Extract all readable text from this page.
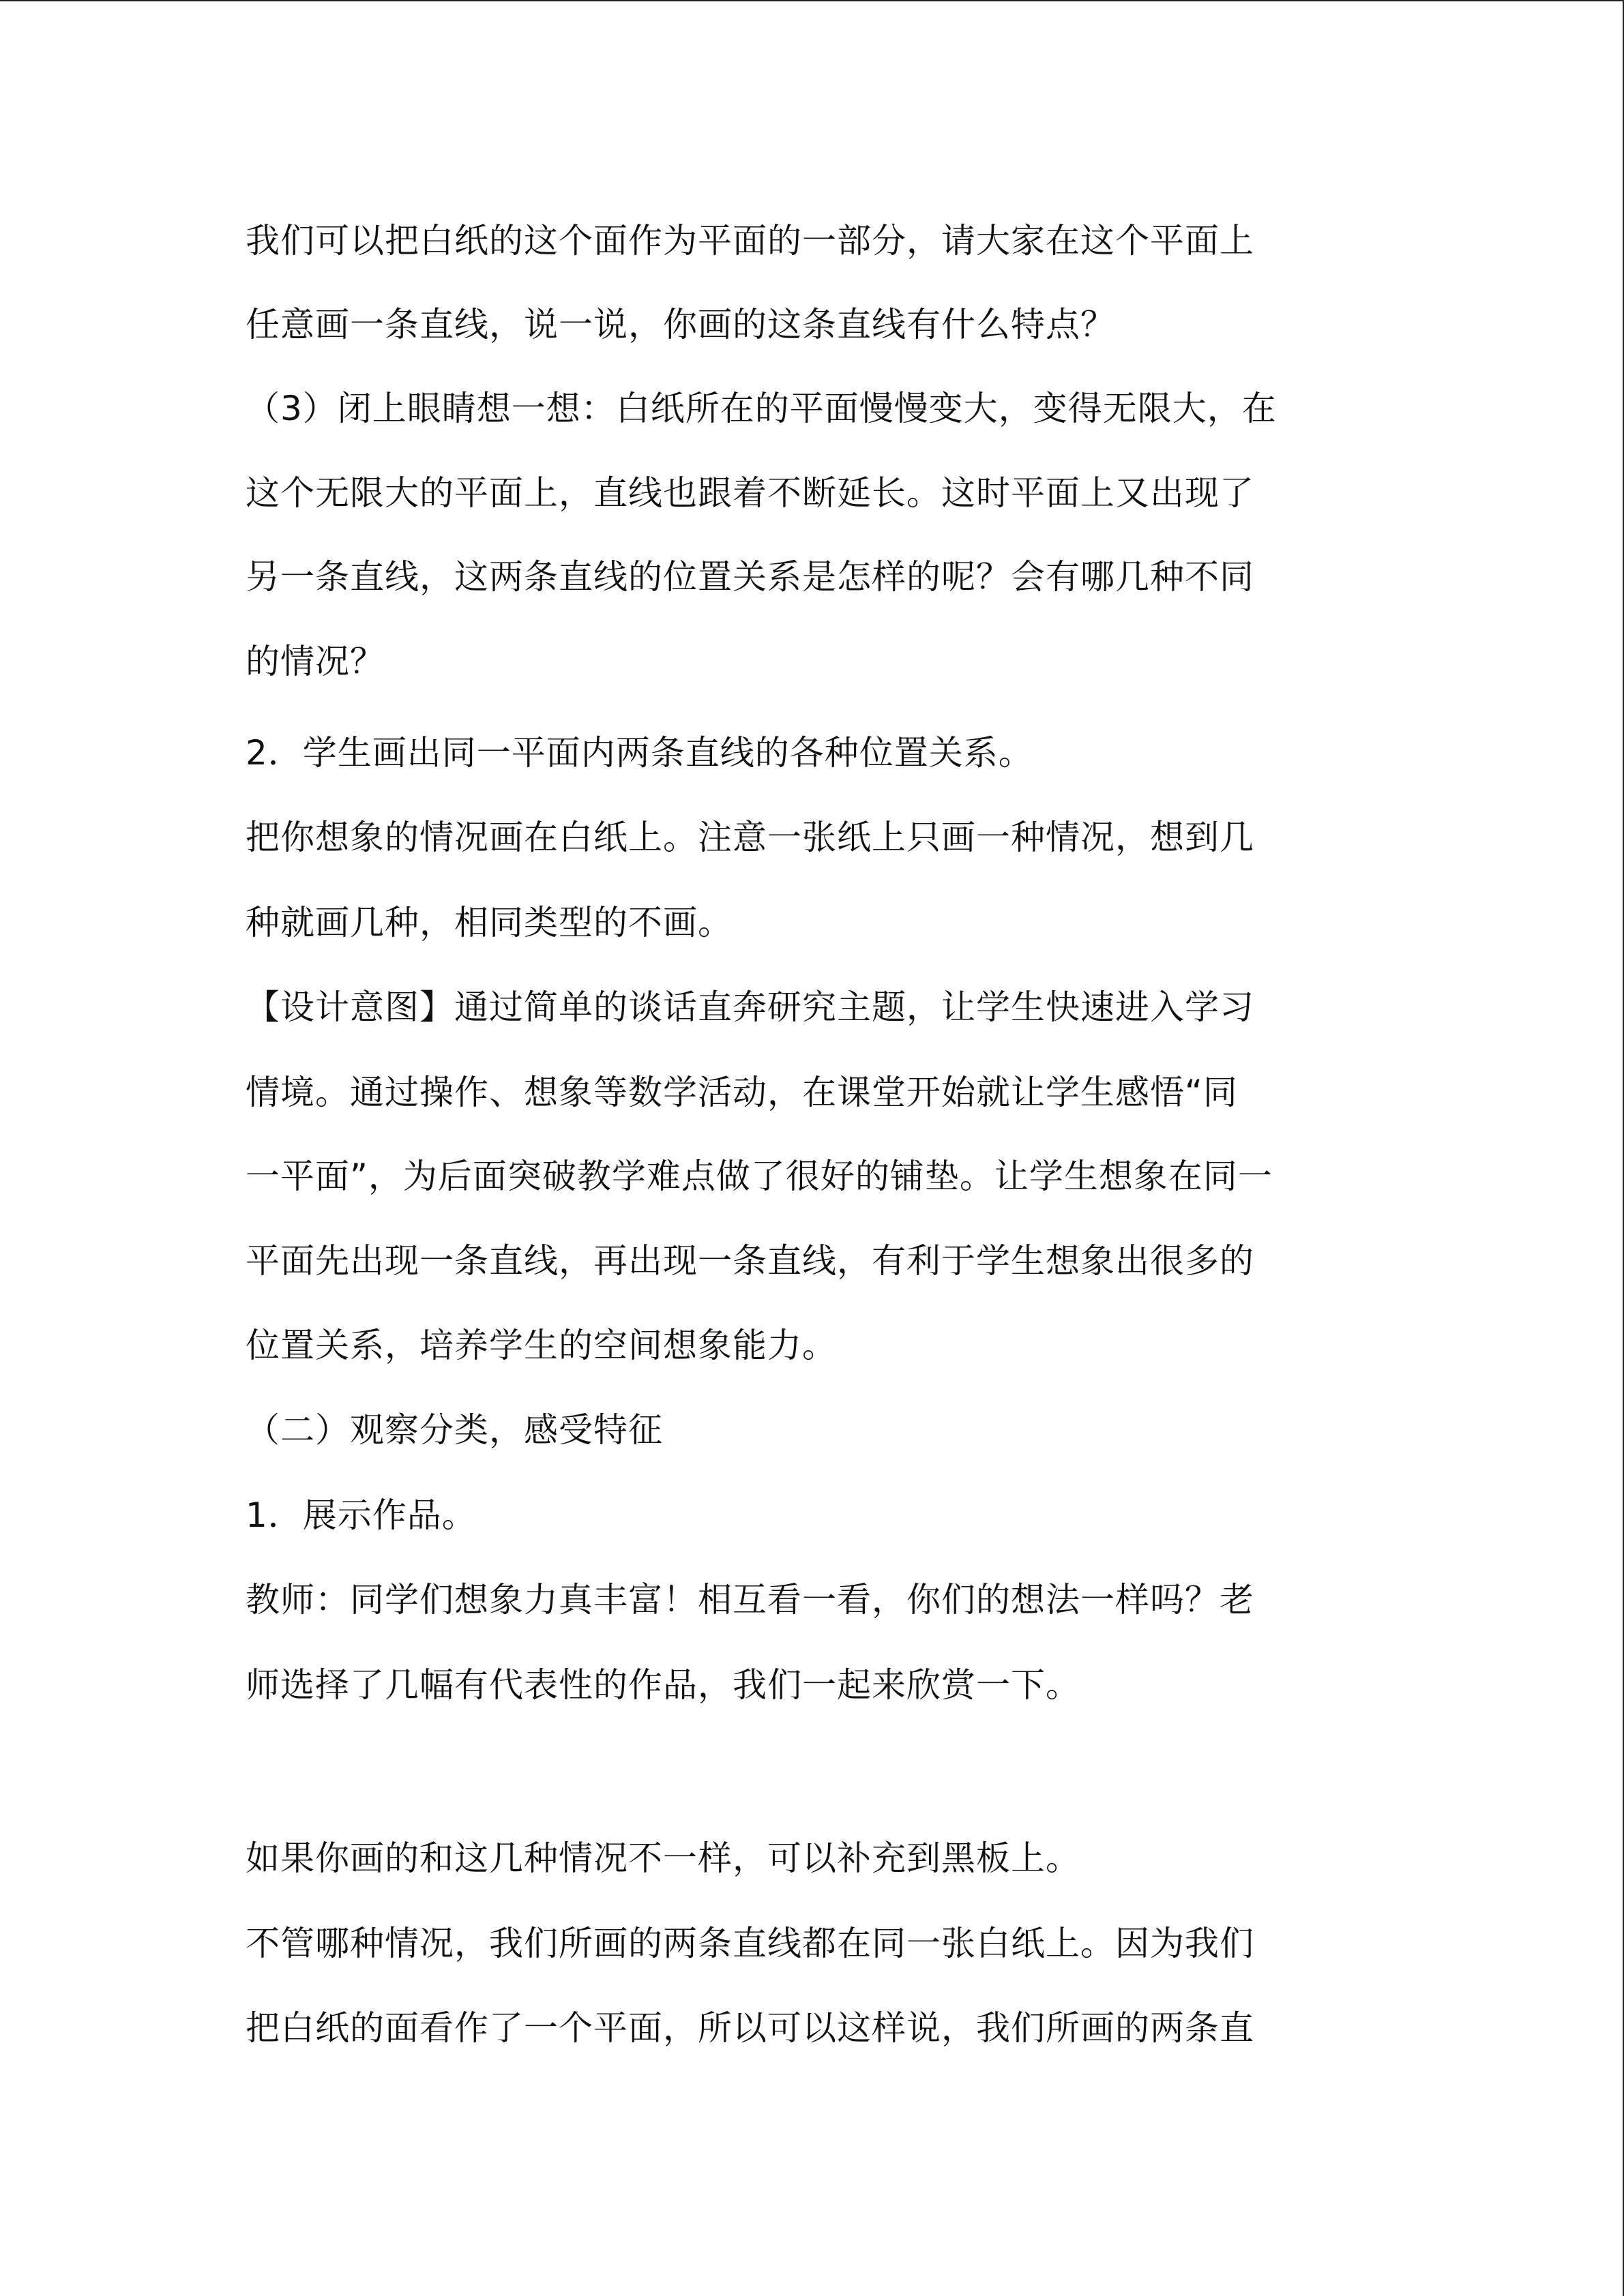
我们可以把白纸的这个面作为平面的一部分，请大家在这个平面上
任意画一条直线，说一说，你画的这条直线有什么特点？
（3）闭上眼睛想一想：白纸所在的平面慢慢变大，变得无限大，在
这个无限大的平面上，直线也跟着不断延长。这时平面上又出现了
另一条直线，这两条直线的位置关系是怎样的呢？会有哪几种不同
的情况？
2．学生画出同一平面内两条直线的各种位置关系。
把你想象的情况画在白纸上。注意一张纸上只画一种情况，想到几
种就画几种，相同类型的不画。
【设计意图】通过简单的谈话直奔研究主题，让学生快速进入学习
情境。通过操作、想象等数学活动，在课堂开始就让学生感悟“同
一平面”，为后面突破教学难点做了很好的铺垫。让学生想象在同一
平面先出现一条直线，再出现一条直线，有利于学生想象出很多的
位置关系，培养学生的空间想象能力。
（二）观察分类，感受特征
1．展示作品。
教师：同学们想象力真丰富！相互看一看，你们的想法一样吗？老
师选择了几幅有代表性的作品，我们一起来欣赏一下。
如果你画的和这几种情况不一样，可以补充到黑板上。
不管哪种情况，我们所画的两条直线都在同一张白纸上。因为我们
把白纸的面看作了一个平面，所以可以这样说，我们所画的两条直
